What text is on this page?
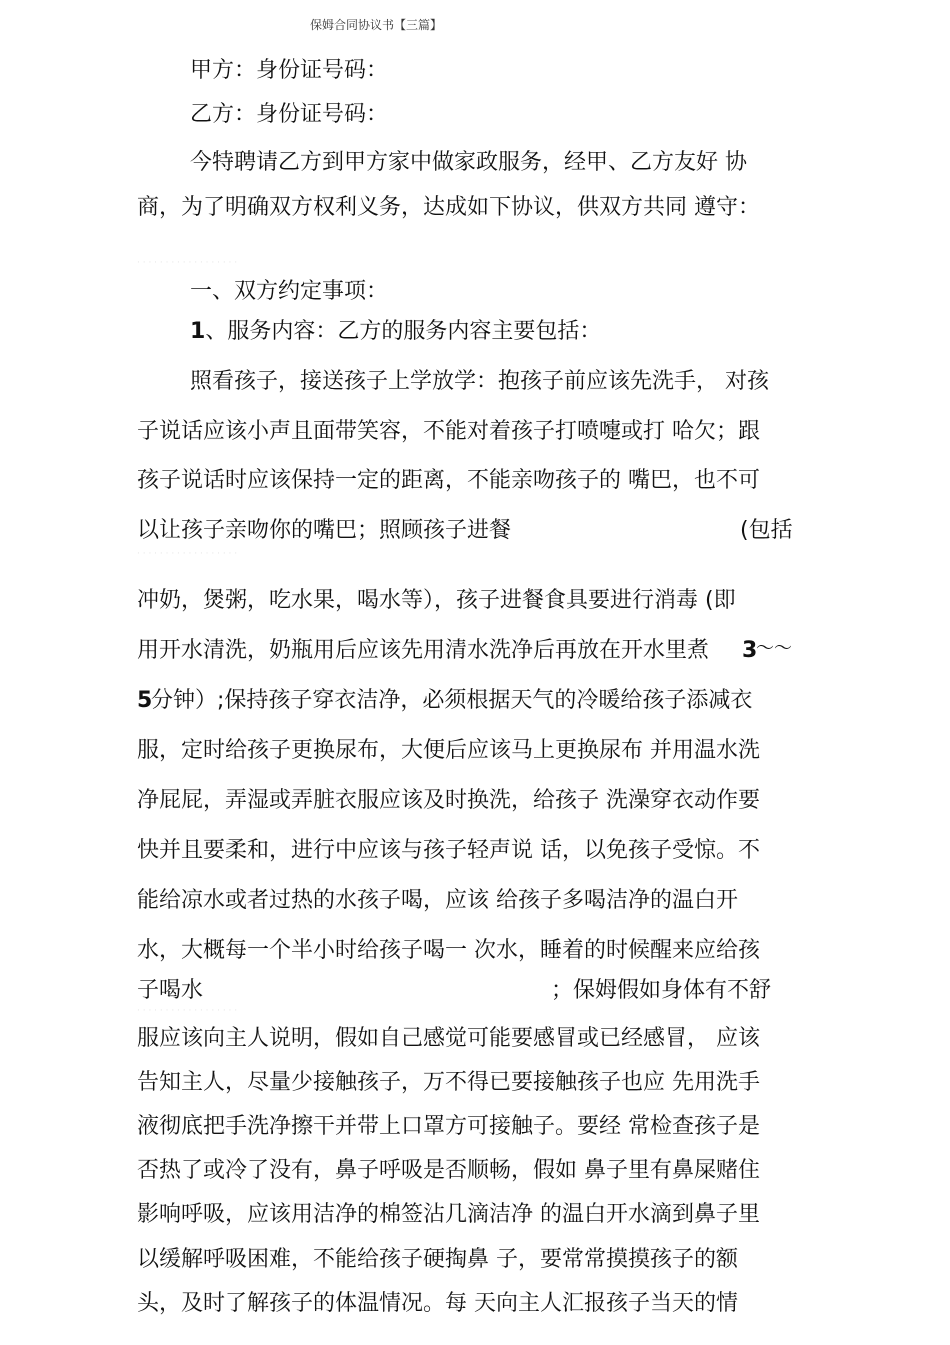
保姆合同协议书【三篇】
甲方：身份证号码：
乙方：身份证号码：
今特聘请乙方到甲方家中做家政服务，经甲、乙方友好 协
商，为了明确双方权利义务，达成如下协议，供双方共同 遵守：
· · · · · · · · · · · · · · · · · ·
一、双方约定事项：
1、服务内容：乙方的服务内容主要包括：
照看孩子，接送孩子上学放学：抱孩子前应该先洗手， 对孩
子说话应该小声且面带笑容，不能对着孩子打喷嚏或打 哈欠；跟
孩子说话时应该保持一定的距离，不能亲吻孩子的 嘴巴，也不可
以让孩子亲吻你的嘴巴；照顾孩子进餐	(包括
· · · · · · · · · · · · · · · · · ·
冲奶，煲粥，吃水果，喝水等），孩子进餐食具要进行消毒 (即
用开水清洗，奶瓶用后应该先用清水洗净后再放在开水里煮 3
〜〜
5
分钟）;保持孩子穿衣洁净，必须根据天气的冷暖给孩子添减衣
服，定时给孩子更换尿布，大便后应该马上更换尿布 并用温水洗
净屁屁，弄湿或弄脏衣服应该及时换洗，给孩子 洗澡穿衣动作要
快并且要柔和，进行中应该与孩子轻声说 话，以免孩子受惊。不
能给凉水或者过热的水孩子喝，应该 给孩子多喝洁净的温白开
水，大概每一个半小时给孩子喝一 次水，睡着的时候醒来应给孩
子喝水	；保姆假如身体有不舒
· · · · · · · · · · · · · · · · · ·
服应该向主人说明，假如自己感觉可能要感冒或已经感冒， 应该
告知主人，尽量少接触孩子，万不得已要接触孩子也应 先用洗手
液彻底把手洗净擦干并带上口罩方可接触子。要经 常检查孩子是
否热了或冷了没有，鼻子呼吸是否顺畅，假如 鼻子里有鼻屎赌住
影响呼吸，应该用洁净的棉签沾几滴洁净 的温白开水滴到鼻子里
以缓解呼吸困难，不能给孩子硬掏鼻 子，要常常摸摸孩子的额
头，及时了解孩子的体温情况。每 天向主人汇报孩子当天的情
